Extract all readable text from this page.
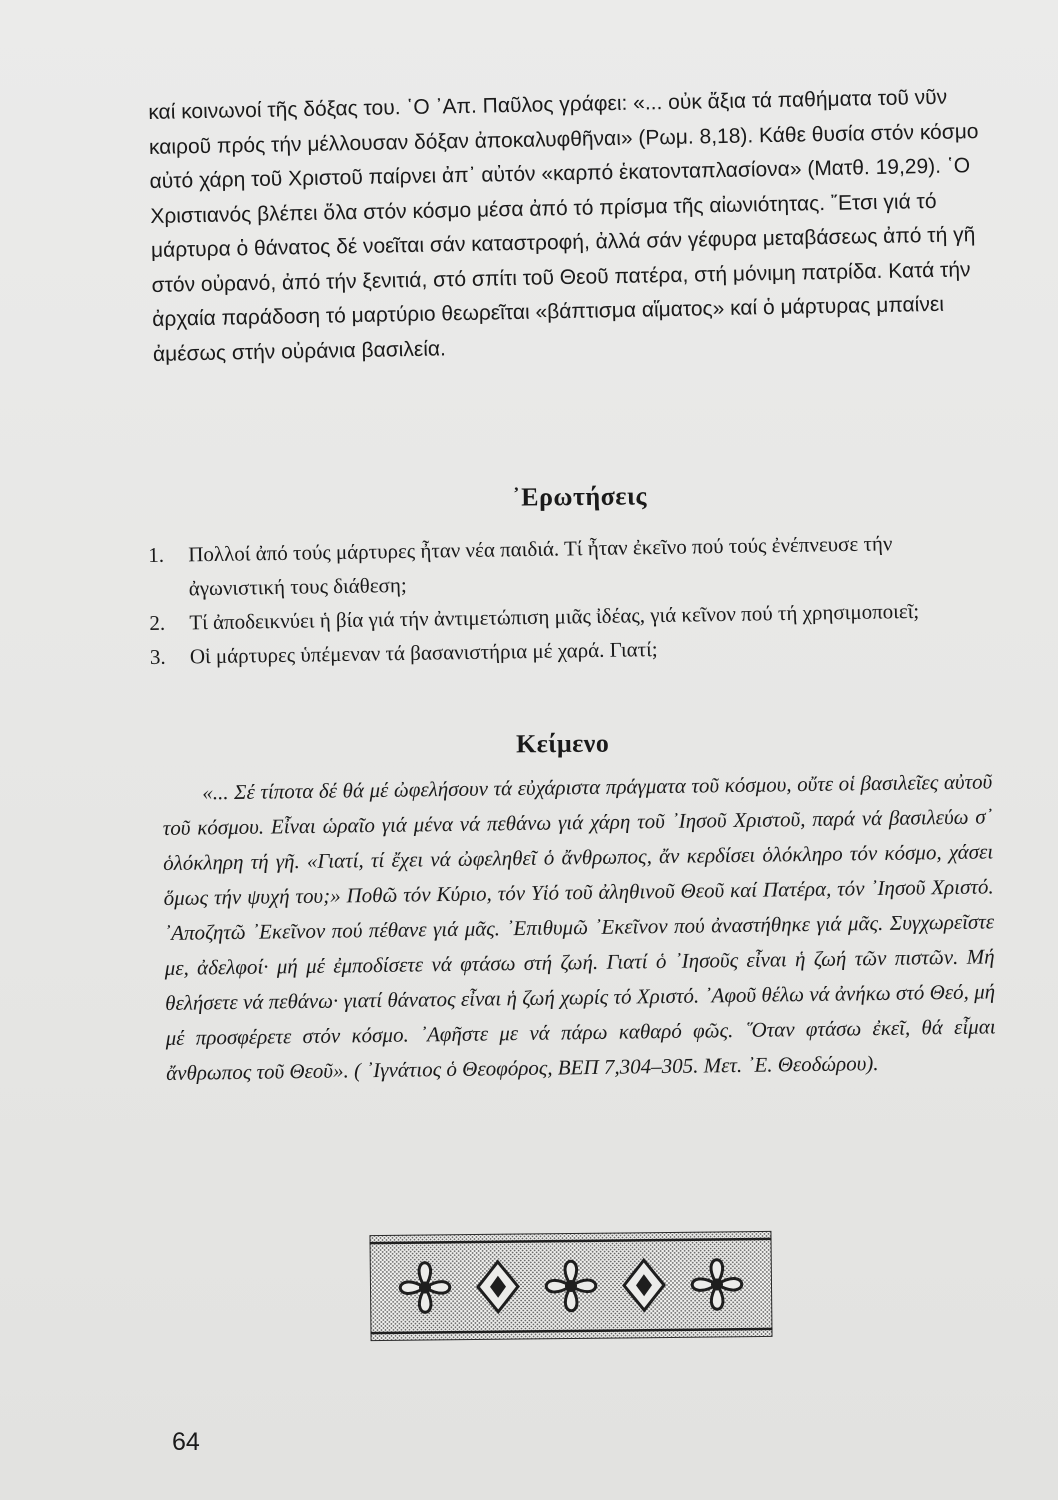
καί κοινωνοί τῆς δόξας του. ῾Ο ᾿Απ. Παῦλος γράφει: «... οὐκ ἄξια τά παθήματα τοῦ νῦν καιροῦ πρός τήν μέλλουσαν δόξαν ἀποκαλυφθῆναι» (Ρωμ. 8,18). Κάθε θυσία στόν κόσμο αὐτό χάρη τοῦ Χριστοῦ παίρνει ἀπ᾿ αὐτόν «καρπό ἑκατονταπλασίονα» (Ματθ. 19,29). ῾Ο Χριστιανός βλέπει ὅλα στόν κόσμο μέσα ἀπό τό πρίσμα τῆς αἰωνιότητας. ῎Ετσι γιά τό μάρτυρα ὁ θάνατος δέ νοεῖται σάν καταστροφή, ἀλλά σάν γέφυρα μεταβάσεως ἀπό τή γῆ στόν οὐρανό, ἀπό τήν ξενιτιά, στό σπίτι τοῦ Θεοῦ πατέρα, στή μόνιμη πατρίδα. Κατά τήν ἀρχαία παράδοση τό μαρτύριο θεωρεῖται «βάπτισμα αἵματος» καί ὁ μάρτυρας μπαίνει ἀμέσως στήν οὐράνια βασιλεία.

᾿Ερωτήσεις

1. Πολλοί ἀπό τούς μάρτυρες ἦταν νέα παιδιά. Τί ἦταν ἐκεῖνο πού τούς ἐνέπνευσε τήν ἀγωνιστική τους διάθεση;

2. Τί ἀποδεικνύει ἡ βία γιά τήν ἀντιμετώπιση μιᾶς ἰδέας, γιά κεῖνον πού τή χρησιμοποιεῖ;

3. Οἱ μάρτυρες ὑπέμεναν τά βασανιστήρια μέ χαρά. Γιατί;

Κείμενο

«... Σέ τίποτα δέ θά μέ ὠφελήσουν τά εὐχάριστα πράγματα τοῦ κόσμου, οὔτε οἱ βασιλεῖες αὐτοῦ τοῦ κόσμου. Εἶναι ὡραῖο γιά μένα νά πεθάνω γιά χάρη τοῦ ᾿Ιησοῦ Χριστοῦ, παρά νά βασιλεύω σ᾿ ὁλόκληρη τή γῆ. «Γιατί, τί ἔχει νά ὠφεληθεῖ ὁ ἄνθρωπος, ἄν κερδίσει ὁλόκληρο τόν κόσμο, χάσει ὅμως τήν ψυχή του;» Ποθῶ τόν Κύριο, τόν Υἱό τοῦ ἀληθινοῦ Θεοῦ καί Πατέρα, τόν ᾿Ιησοῦ Χριστό. ᾿Αποζητῶ ᾿Εκεῖνον πού πέθανε γιά μᾶς. ᾿Επιθυμῶ ᾿Εκεῖνον πού ἀναστήθηκε γιά μᾶς. Συγχωρεῖστε με, ἀδελφοί· μή μέ ἐμποδίσετε νά φτάσω στή ζωή. Γιατί ὁ ᾿Ιησοῦς εἶναι ἡ ζωή τῶν πιστῶν. Μή θελήσετε νά πεθάνω· γιατί θάνατος εἶναι ἡ ζωή χωρίς τό Χριστό. ᾿Αφοῦ θέλω νά ἀνήκω στό Θεό, μή μέ προσφέρετε στόν κόσμο. ᾿Αφῆστε με νά πάρω καθαρό φῶς. ῞Οταν φτάσω ἐκεῖ, θά εἶμαι ἄνθρωπος τοῦ Θεοῦ». ( ᾿Ιγνάτιος ὁ Θεοφόρος, ΒΕΠ 7,304–305. Μετ. ᾿Ε. Θεοδώρου).

64
